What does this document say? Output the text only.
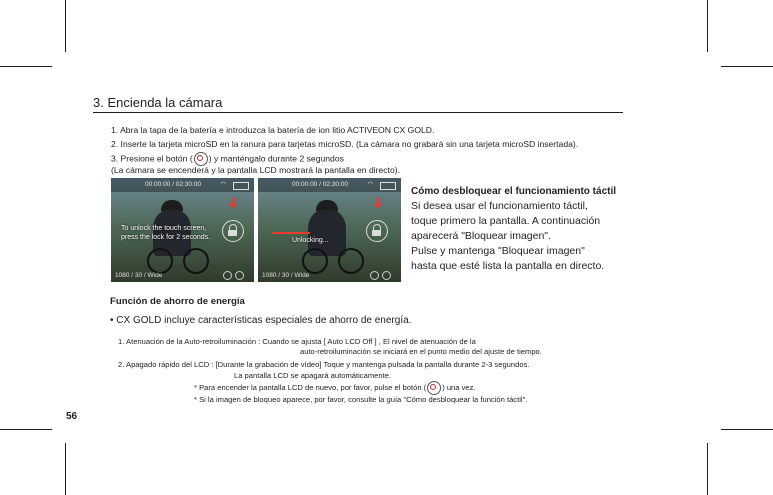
3. Encienda la cámara
1. Abra la tapa de la batería e introduzca la batería de ion litio ACTIVEON CX GOLD.
2. Inserte la tarjeta microSD en la ranura para tarjetas microSD. (La cámara no grabará sin una tarjeta microSD insertada).
3. Presione el botón ( ) y manténgalo durante 2 segundos
(La cámara se encenderá y la pantalla LCD mostrará la pantalla en directo).
00:00:00 / 02:30:00	◠
To unlock the touch screen,
press the lock for 2 seconds.
1080 / 30 / Wide
00:00:00 / 02:30:00	◠
Unlocking...
1080 / 30 / Wide
Cómo desbloquear el funcionamiento táctil
Si desea usar el funcionamiento táctil,
toque primero la pantalla. A continuación
aparecerá "Bloquear imagen".
Pulse y mantenga "Bloquear imagen"
hasta que esté lista la pantalla en directo.
Función de ahorro de energía
• CX GOLD incluye características especiales de ahorro de energía.
1. Atenuación de la Auto-retroiluminación : Cuando se ajusta [ Auto LCD Off ] , El nivel de atenuación de la
auto-retroiluminación se iniciará en el punto medio del ajuste de tiempo.
2. Apagado rápido del LCD : [Durante la grabación de vídeo] Toque y mantenga pulsada la pantalla durante 2-3 segundos.
La pantalla LCD se apagará automáticamente.
* Para encender la pantalla LCD de nuevo, por favor, pulse el botón ( ) una vez.
* Si la imagen de bloqueo aparece, por favor, consulte la guía "Cómo desbloquear la función táctil".
56
